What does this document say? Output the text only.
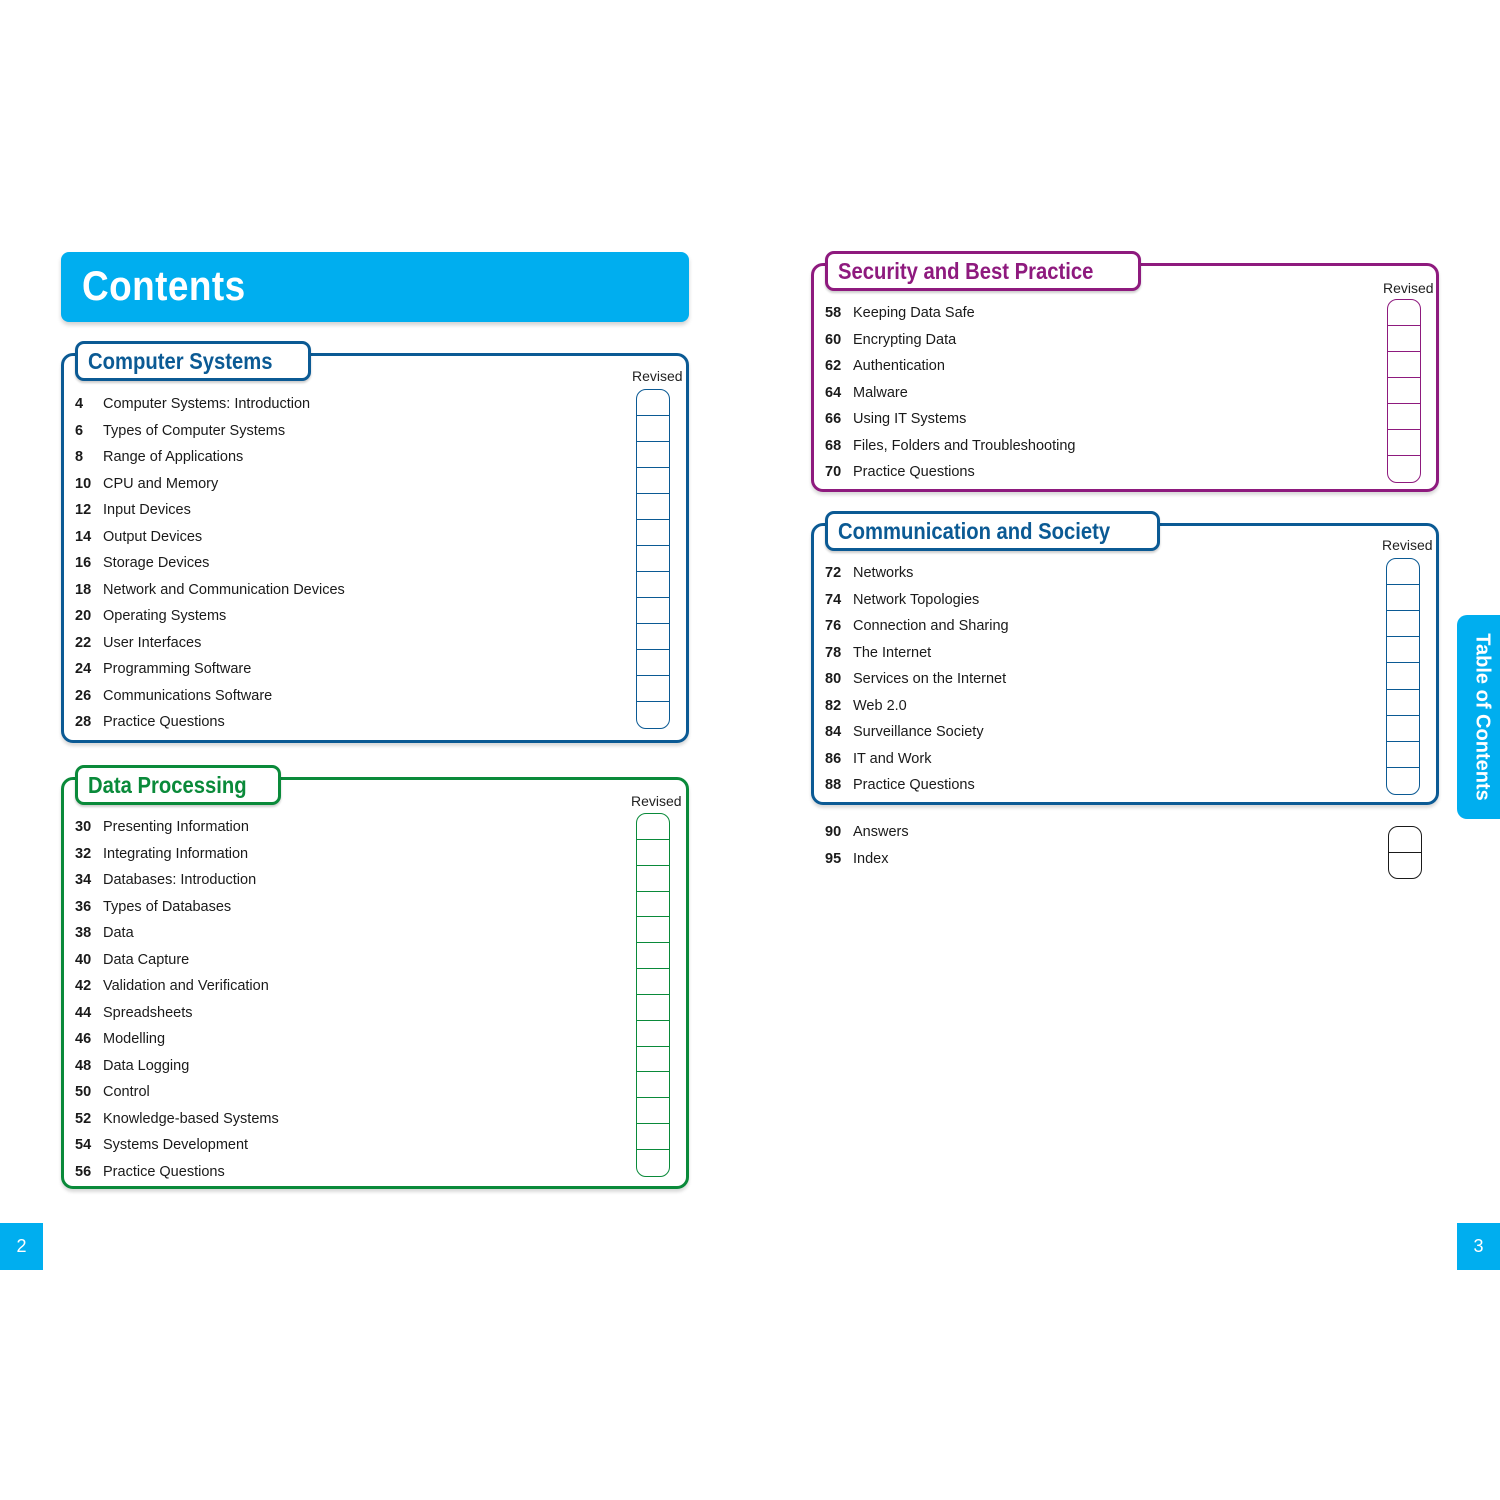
Contents
Computer Systems
Revised
4	Computer Systems: Introduction
6	Types of Computer Systems
8	Range of Applications
10 CPU and Memory
12 Input Devices
14 Output Devices
16 Storage Devices
18 Network and Communication Devices
20 Operating Systems
22 User Interfaces
24 Programming Software
26 Communications Software
28 Practice Questions
Data Processing
Revised
30 Presenting Information
32 Integrating Information
34 Databases: Introduction
36 Types of Databases
38 Data
40 Data Capture
42 Validation and Verification
44 Spreadsheets
46 Modelling
48 Data Logging
50 Control
52 Knowledge-based Systems
54 Systems Development
56 Practice Questions
Security and Best Practice
Revised
58 Keeping Data Safe
60 Encrypting Data
62 Authentication
64 Malware
66 Using IT Systems
68 Files, Folders and Troubleshooting
70 Practice Questions
Communication and Society
Revised
72 Networks
74 Network Topologies
76 Connection and Sharing
78 The Internet
80 Services on the Internet
82 Web 2.0
84 Surveillance Society
86 IT and Work
88 Practice Questions
90 Answers
95 Index
Table of Contents
2	3
